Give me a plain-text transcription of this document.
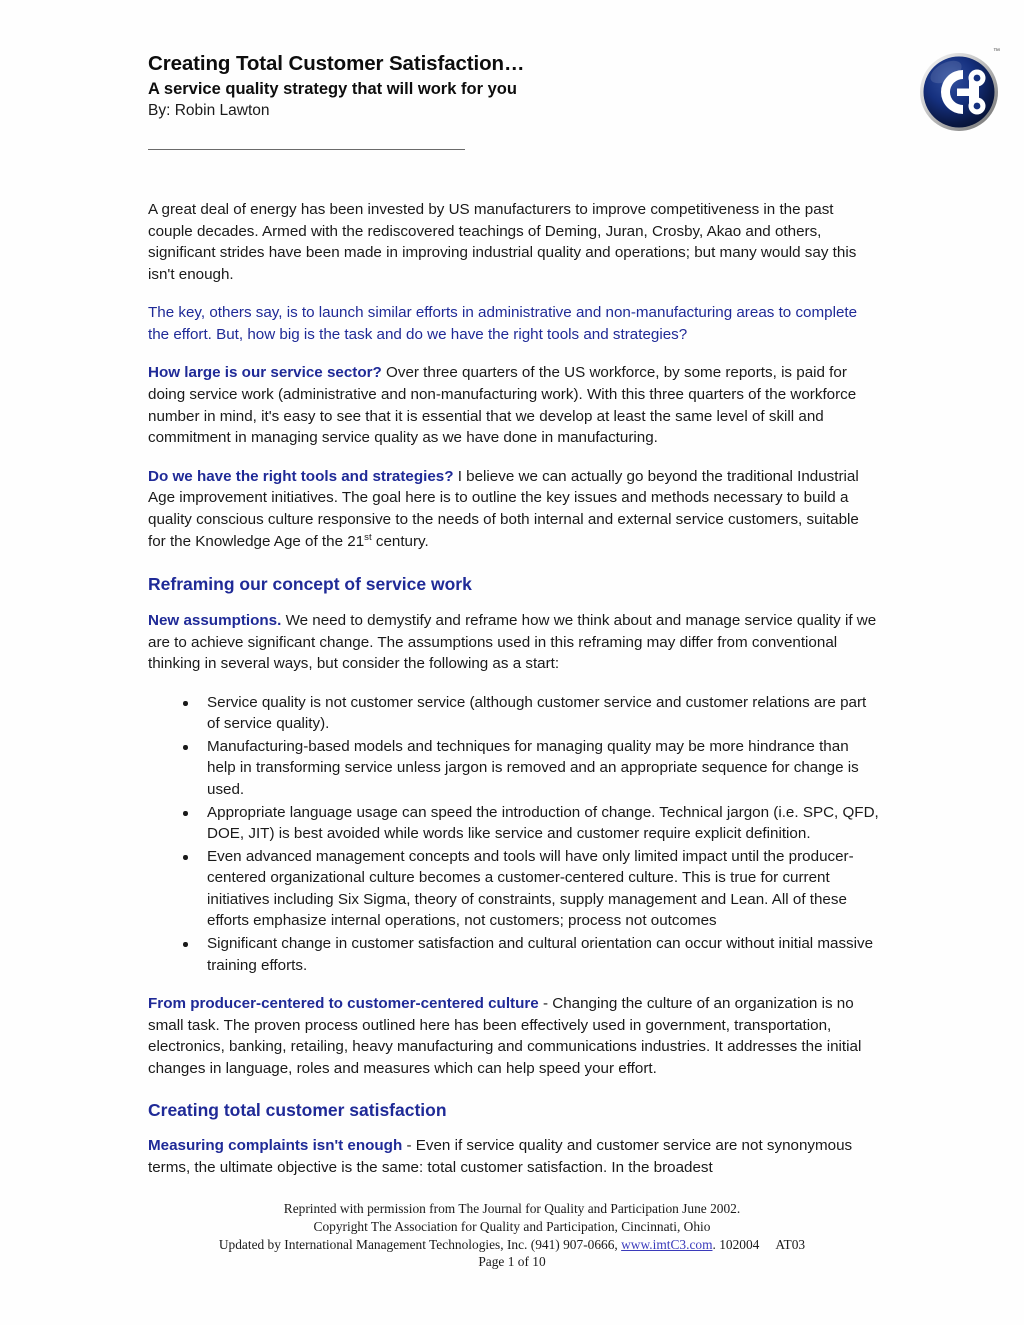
Creating Total Customer Satisfaction…
A service quality strategy that will work for you
By: Robin Lawton
™

A great deal of energy has been invested by US manufacturers to improve competitiveness in the past couple decades. Armed with the rediscovered teachings of Deming, Juran, Crosby, Akao and others, significant strides have been made in improving industrial quality and operations; but many would say this isn't enough.

The key, others say, is to launch similar efforts in administrative and non-manufacturing areas to complete the effort. But, how big is the task and do we have the right tools and strategies?

How large is our service sector? Over three quarters of the US workforce, by some reports, is paid for doing service work (administrative and non-manufacturing work). With this three quarters of the workforce number in mind, it's easy to see that it is essential that we develop at least the same level of skill and commitment in managing service quality as we have done in manufacturing.

Do we have the right tools and strategies? I believe we can actually go beyond the traditional Industrial Age improvement initiatives. The goal here is to outline the key issues and methods necessary to build a quality conscious culture responsive to the needs of both internal and external service customers, suitable for the Knowledge Age of the 21st century.

Reframing our concept of service work

New assumptions. We need to demystify and reframe how we think about and manage service quality if we are to achieve significant change. The assumptions used in this reframing may differ from conventional thinking in several ways, but consider the following as a start:

Service quality is not customer service (although customer service and customer relations are part of service quality).
Manufacturing-based models and techniques for managing quality may be more hindrance than help in transforming service unless jargon is removed and an appropriate sequence for change is used.
Appropriate language usage can speed the introduction of change. Technical jargon (i.e. SPC, QFD, DOE, JIT) is best avoided while words like service and customer require explicit definition.
Even advanced management concepts and tools will have only limited impact until the producer-centered organizational culture becomes a customer-centered culture. This is true for current initiatives including Six Sigma, theory of constraints, supply management and Lean. All of these efforts emphasize internal operations, not customers; process not outcomes
Significant change in customer satisfaction and cultural orientation can occur without initial massive training efforts.

From producer-centered to customer-centered culture - Changing the culture of an organization is no small task. The proven process outlined here has been effectively used in government, transportation, electronics, banking, retailing, heavy manufacturing and communications industries. It addresses the initial changes in language, roles and measures which can help speed your effort.

Creating total customer satisfaction

Measuring complaints isn't enough - Even if service quality and customer service are not synonymous terms, the ultimate objective is the same: total customer satisfaction. In the broadest

Reprinted with permission from The Journal for Quality and Participation June 2002.
Copyright The Association for Quality and Participation, Cincinnati, Ohio
Updated by International Management Technologies, Inc. (941) 907-0666, www.imtC3.com. 102004 AT03
Page 1 of 10
